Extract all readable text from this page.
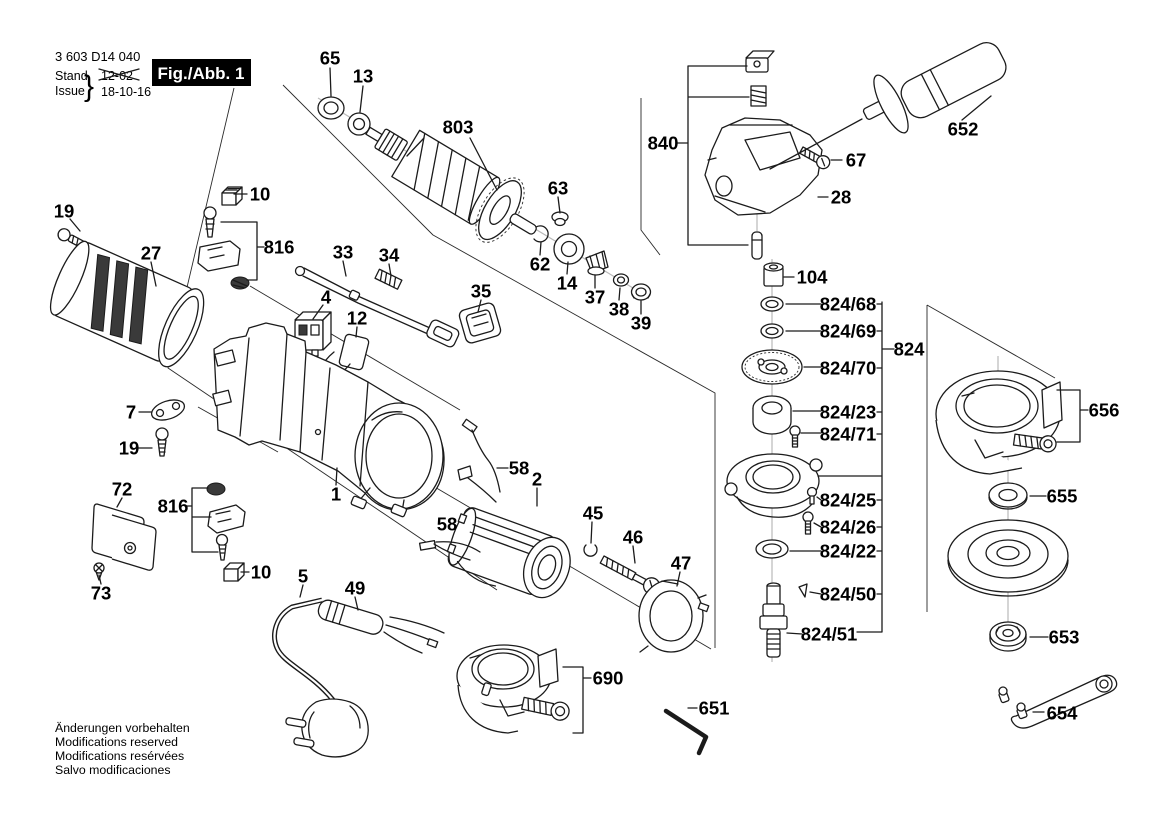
3 603 D14 040
Stand
Issue } 12-02
18-10-16
Fig./Abb. 1
Änderungen vorbehalten
Modifications reserved
Modifications resérvées
Salvo modificaciones
65
13
803
840
67
28
652
10
19
27	816 33 34
63
62
14
37
38
39
104
824/68
824/69
824/70
824
4
12
35
824/23
824/71
656
7
19
824/25
824/26
824/22
1
58
2
72
816	45
46
58
655
47
824/50
824/51
73
10 5
49
653
690
651	654
